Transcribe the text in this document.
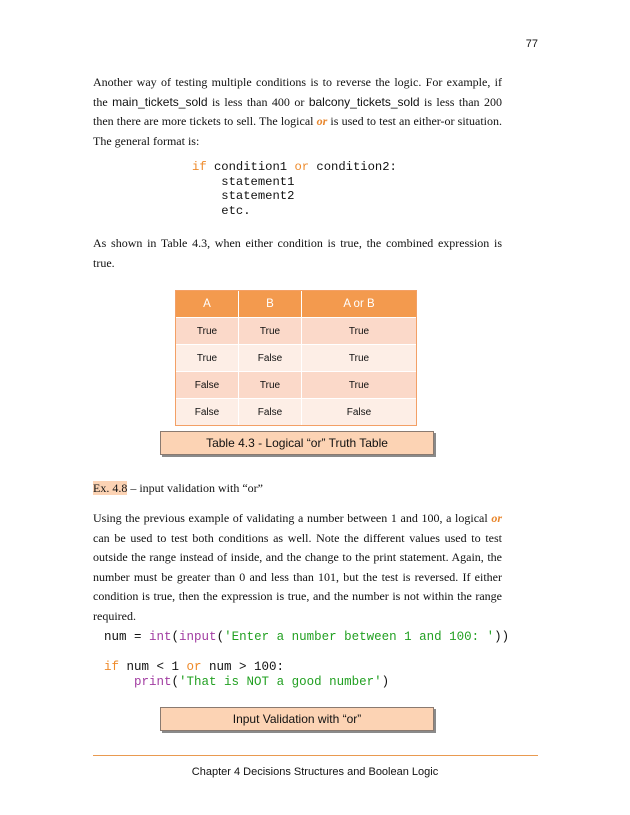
77

Another way of testing multiple conditions is to reverse the logic. For example, if the main_tickets_sold is less than 400 or balcony_tickets_sold is less than 200 then there are more tickets to sell. The logical or is used to test an either-or situation. The general format is:

if condition1 or condition2:
statement1
statement2
etc.

As shown in Table 4.3, when either condition is true, the combined expression is true.

A	B	A or B
True	True	True
True	False	True
False	True	True
False	False	False
Table 4.3 - Logical “or” Truth Table

Ex. 4.8 – input validation with “or”

Using the previous example of validating a number between 1 and 100, a logical or can be used to test both conditions as well. Note the different values used to test outside the range instead of inside, and the change to the print statement. Again, the number must be greater than 0 and less than 101, but the test is reversed. If either condition is true, then the expression is true, and the number is not within the range required.

num = int(input('Enter a number between 1 and 100: '))

if num < 1 or num > 100:
print('That is NOT a good number')
Input Validation with “or”
Chapter 4 Decisions Structures and Boolean Logic
